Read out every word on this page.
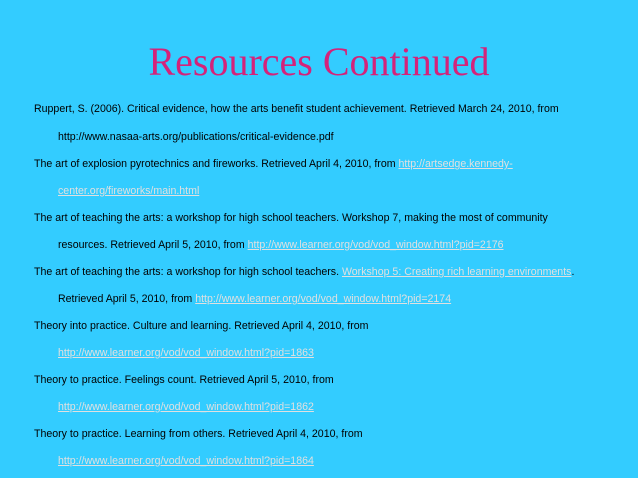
Resources Continued
Ruppert, S. (2006). Critical evidence, how the arts benefit student achievement. Retrieved March 24, 2010, from
http://www.nasaa-arts.org/publications/critical-evidence.pdf
The art of explosion pyrotechnics and fireworks. Retrieved April 4, 2010, from http://artsedge.kennedy-
center.org/fireworks/main.html
The art of teaching the arts: a workshop for high school teachers. Workshop 7, making the most of community
resources. Retrieved April 5, 2010, from http://www.learner.org/vod/vod_window.html?pid=2176
The art of teaching the arts: a workshop for high school teachers. Workshop 5: Creating rich learning environments.
Retrieved April 5, 2010, from http://www.learner.org/vod/vod_window.html?pid=2174
Theory into practice. Culture and learning. Retrieved April 4, 2010, from
http://www.learner.org/vod/vod_window.html?pid=1863
Theory to practice. Feelings count. Retrieved April 5, 2010, from
http://www.learner.org/vod/vod_window.html?pid=1862
Theory to practice. Learning from others. Retrieved April 4, 2010, from
http://www.learner.org/vod/vod_window.html?pid=1864
